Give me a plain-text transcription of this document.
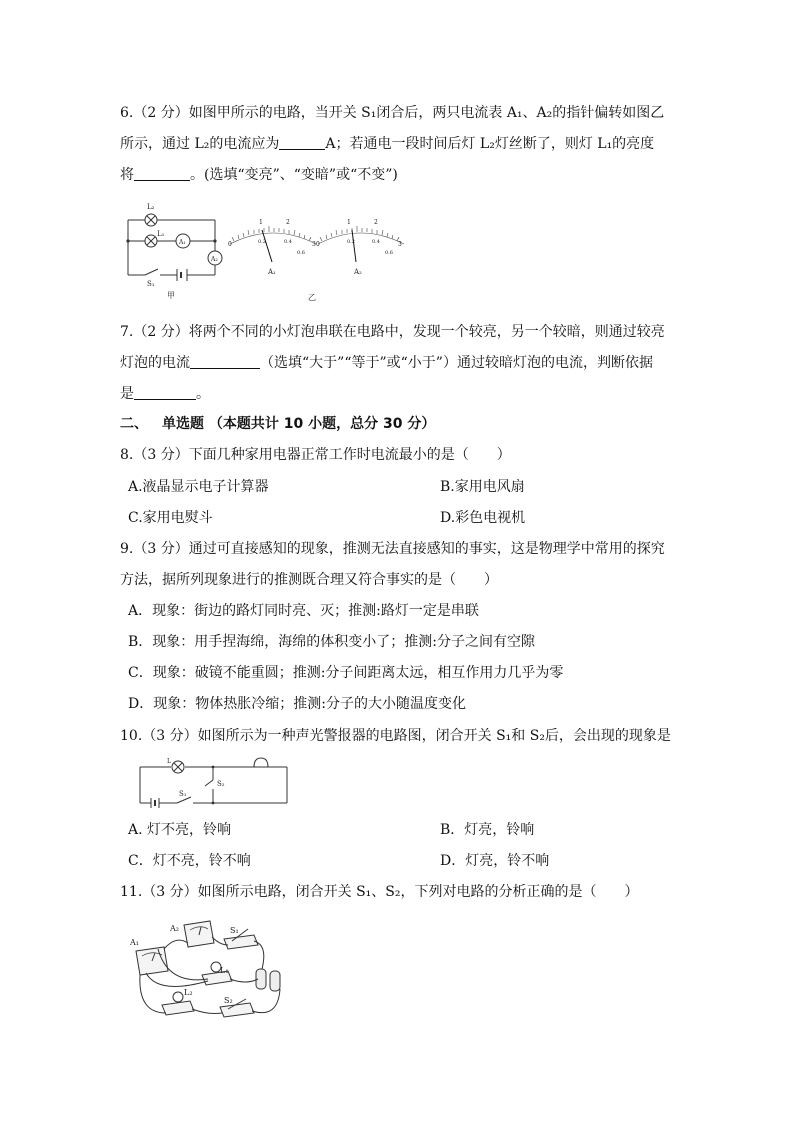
6.（2 分）如图甲所示的电路，当开关 S₁闭合后，两只电流表 A₁、A₂的指针偏转如图乙
所示，通过 L₂的电流应为	A；若通电一段时间后灯 L₂灯丝断了，则灯 L₁的亮度
将	。(选填“变亮”、“变暗”或“不变”)
L₂
L₁
A₁
A₂
S₁
甲
0	0.2
1
0.4
2
0.6
3 0	0.2
1
0.4
2
0.6
3
A₁	A₂
乙
7.（2 分）将两个不同的小灯泡串联在电路中，发现一个较亮，另一个较暗，则通过较亮
灯泡的电流	（选填“大于”“等于”或“小于”）通过较暗灯泡的电流，判断依据
是	。
二、 单选题 （本题共计 10 小题，总分 30 分）
8.（3 分）下面几种家用电器正常工作时电流最小的是（　　）
A.液晶显示电子计算器	B.家用电风扇
C.家用电熨斗	D.彩色电视机
9.（3 分）通过可直接感知的现象，推测无法直接感知的事实，这是物理学中常用的探究
方法，据所列现象进行的推测既合理又符合事实的是（　　）
A．现象：街边的路灯同时亮、灭；推测:路灯一定是串联
B．现象：用手捏海绵，海绵的体积变小了；推测:分子之间有空隙
C．现象：破镜不能重圆；推测:分子间距离太远，相互作用力几乎为零
D．现象：物体热胀冷缩；推测:分子的大小随温度变化
10.（3 分）如图所示为一种声光警报器的电路图，闭合开关 S₁和 S₂后，会出现的现象是
L
S₁
S₂
A. 灯不亮，铃响	B．灯亮，铃响
C．灯不亮，铃不响	D．灯亮，铃不响
11.（3 分）如图所示电路，闭合开关 S₁、S₂，下列对电路的分析正确的是（　　）
A₁
A₂	S₁
L₁
L₂
S₂
